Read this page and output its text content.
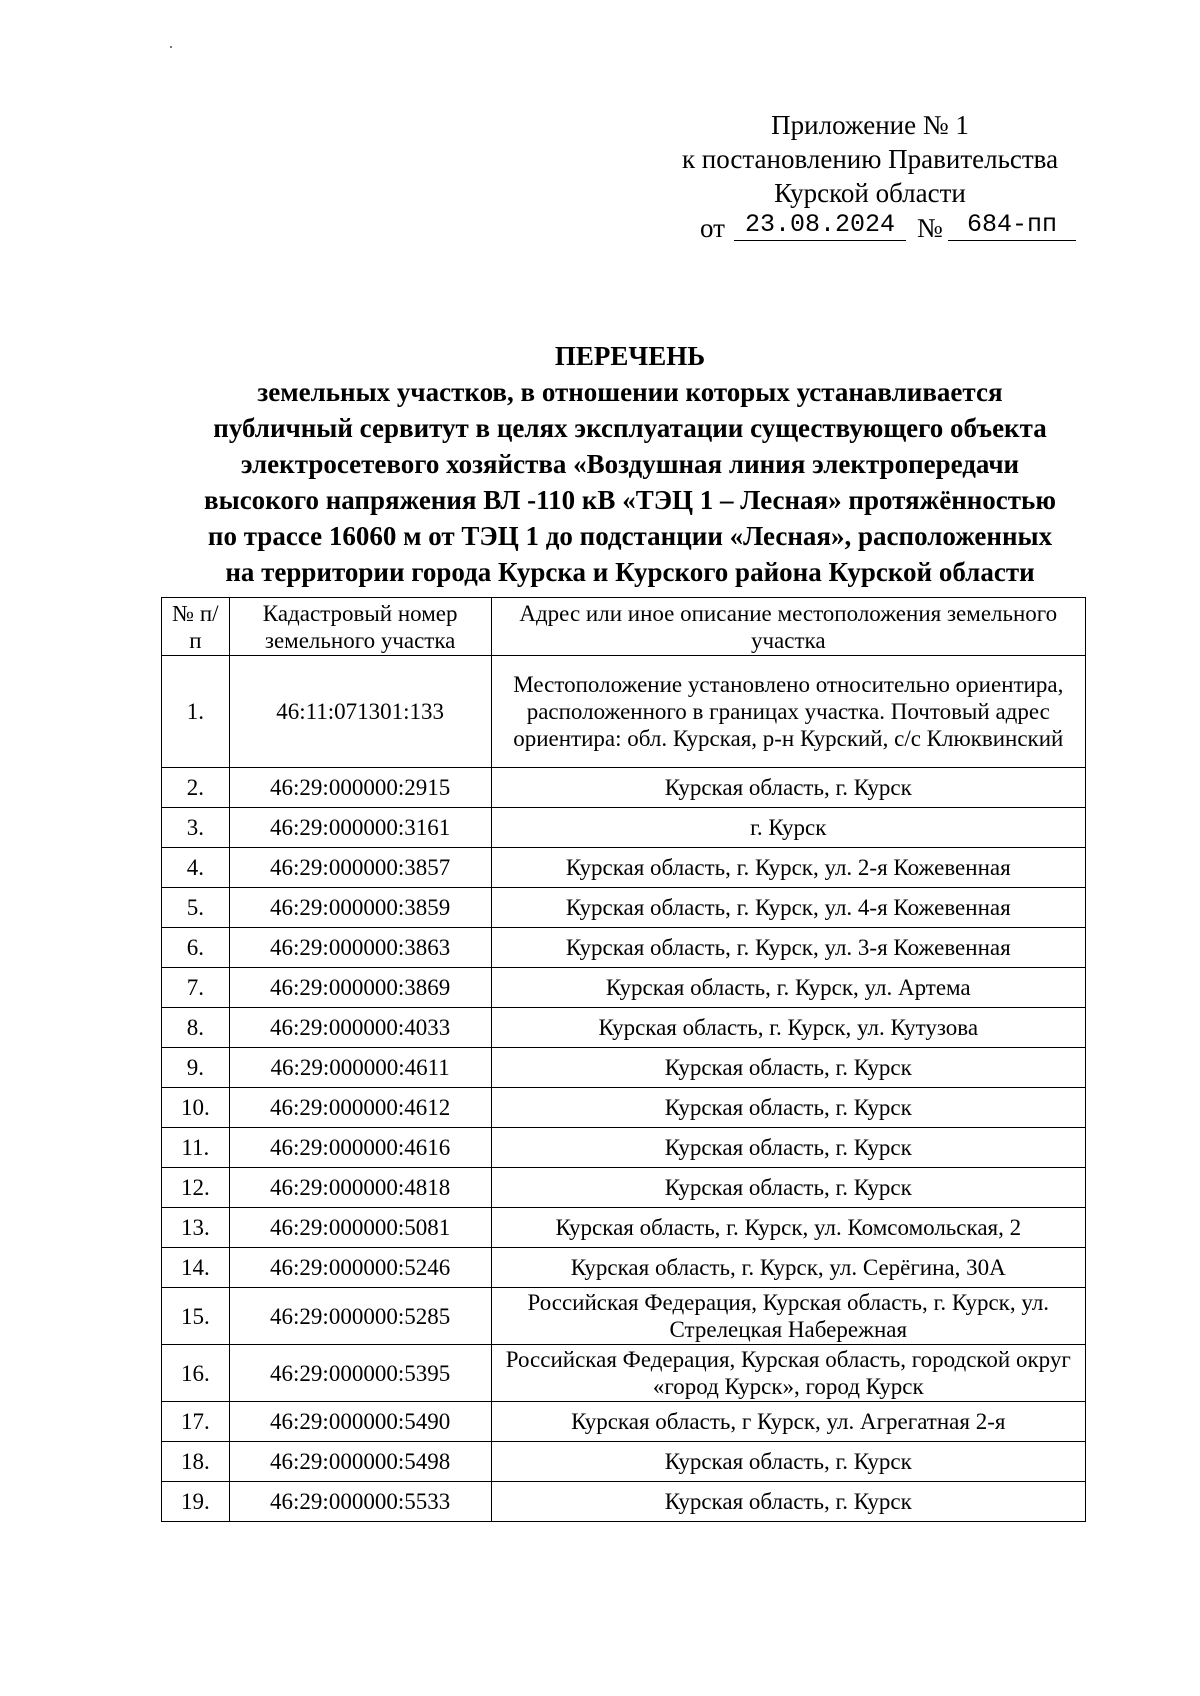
Приложение № 1
к постановлению Правительства
Курской области
от 23.08.2024 № 684-пп
ПЕРЕЧЕНЬ
земельных участков, в отношении которых устанавливается
публичный сервитут в целях эксплуатации существующего объекта
электросетевого хозяйства «Воздушная линия электропередачи
высокого напряжения ВЛ -110 кВ «ТЭЦ 1 – Лесная» протяжённостью
по трассе 16060 м от ТЭЦ 1 до подстанции «Лесная», расположенных
на территории города Курска и Курского района Курской области
№ п/п	Кадастровый номер земельного участка	Адрес или иное описание местоположения земельного участка
1.	46:11:071301:133	Местоположение установлено относительно ориентира, расположенного в границах участка. Почтовый адрес ориентира: обл. Курская, р-н Курский, с/с Клюквинский
2.	46:29:000000:2915	Курская область, г. Курск
3.	46:29:000000:3161	г. Курск
4.	46:29:000000:3857	Курская область, г. Курск, ул. 2-я Кожевенная
5.	46:29:000000:3859	Курская область, г. Курск, ул. 4-я Кожевенная
6.	46:29:000000:3863	Курская область, г. Курск, ул. 3-я Кожевенная
7.	46:29:000000:3869	Курская область, г. Курск, ул. Артема
8.	46:29:000000:4033	Курская область, г. Курск, ул. Кутузова
9.	46:29:000000:4611	Курская область, г. Курск
10.	46:29:000000:4612	Курская область, г. Курск
11.	46:29:000000:4616	Курская область, г. Курск
12.	46:29:000000:4818	Курская область, г. Курск
13.	46:29:000000:5081	Курская область, г. Курск, ул. Комсомольская, 2
14.	46:29:000000:5246	Курская область, г. Курск, ул. Серёгина, 30А
15.	46:29:000000:5285	Российская Федерация, Курская область, г. Курск, ул. Стрелецкая Набережная
16.	46:29:000000:5395	Российская Федерация, Курская область, городской округ «город Курск», город Курск
17.	46:29:000000:5490	Курская область, г Курск, ул. Агрегатная 2-я
18.	46:29:000000:5498	Курская область, г. Курск
19.	46:29:000000:5533	Курская область, г. Курск
